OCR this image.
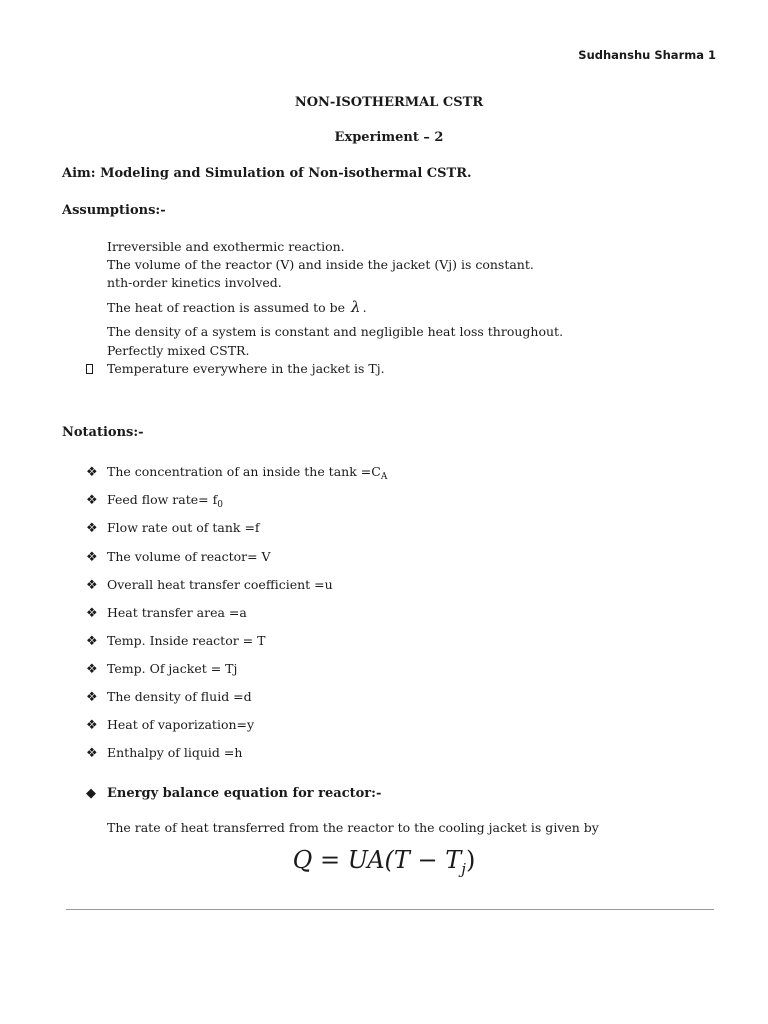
Sudhanshu Sharma 1
NON-ISOTHERMAL CSTR
Experiment – 2
Aim: Modeling and Simulation of Non-isothermal CSTR.
Assumptions:-
Irreversible and exothermic reaction.
The volume of the reactor (V) and inside the jacket (Vj) is constant.
nth-order kinetics involved.
The heat of reaction is assumed to be λ .
The density of a system is constant and negligible heat loss throughout.
Perfectly mixed CSTR.
Temperature everywhere in the jacket is Tj.
Notations:-
❖ The concentration of an inside the $\tan k =C_A$
❖ Feed flow rate= $f_0$
❖ Flow rate out of tank =f
❖ The volume of reactor= V
❖ Overall heat transfer coefficient =u
❖ Heat transfer area =a
❖ Temp. Inside reactor = T
❖ Temp. Of jacket = Tj
❖ The density of fluid =d
❖ Heat of vaporization=y
❖ Enthalpy of liquid =h
◆ Energy balance equation for reactor:-
The rate of heat transferred from the reactor to the cooling jacket is given by
$Q = UA(T - T_j)$
